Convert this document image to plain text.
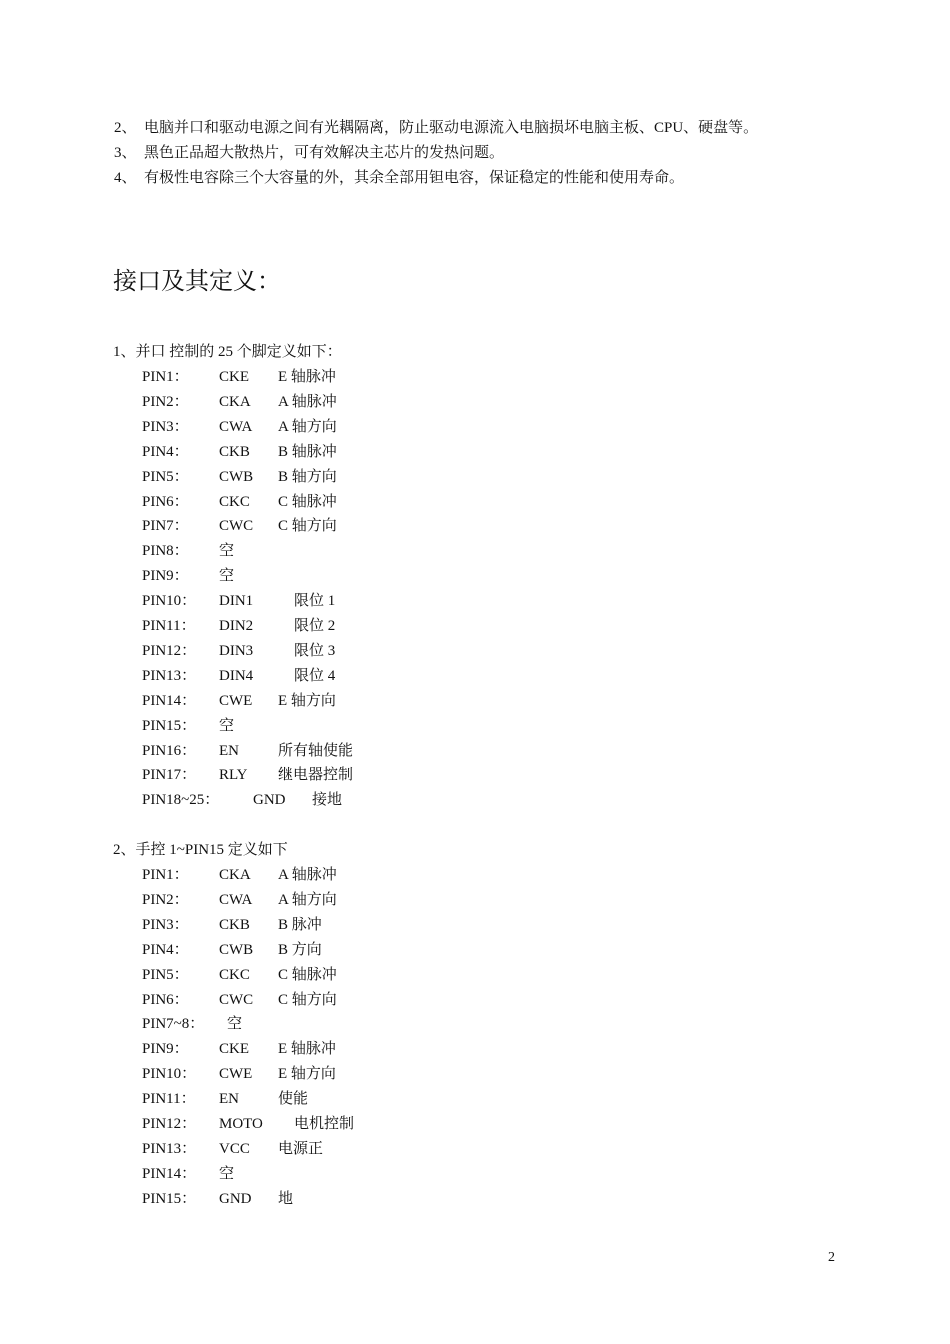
2、 电脑并口和驱动电源之间有光耦隔离，防止驱动电源流入电脑损坏电脑主板、CPU、硬盘等。
3、 黑色正品超大散热片，可有效解决主芯片的发热问题。
4、 有极性电容除三个大容量的外，其余全部用钽电容，保证稳定的性能和使用寿命。
接口及其定义：
1、并口 控制的 25 个脚定义如下：
PIN1： CKE E 轴脉冲
PIN2： CKA A 轴脉冲
PIN3： CWA A 轴方向
PIN4： CKB B 轴脉冲
PIN5： CWB B 轴方向
PIN6： CKC C 轴脉冲
PIN7： CWC C 轴方向
PIN8： 空
PIN9： 空
PIN10： DIN1	限位 1
PIN11： DIN2	限位 2
PIN12： DIN3	限位 3
PIN13： DIN4	限位 4
PIN14： CWE E 轴方向
PIN15： 空
PIN16： EN	所有轴使能
PIN17： RLY 继电器控制
PIN18~25： GND 接地
2、手控 1~PIN15 定义如下
PIN1： CKA A 轴脉冲
PIN2： CWA A 轴方向
PIN3： CKB B 脉冲
PIN4： CWB B 方向
PIN5： CKC C 轴脉冲
PIN6： CWC C 轴方向
PIN7~8： 空
PIN9： CKE E 轴脉冲
PIN10： CWE E 轴方向
PIN11： EN	使能
PIN12： MOTO 电机控制
PIN13： VCC 电源正
PIN14： 空
PIN15： GND 地
2
